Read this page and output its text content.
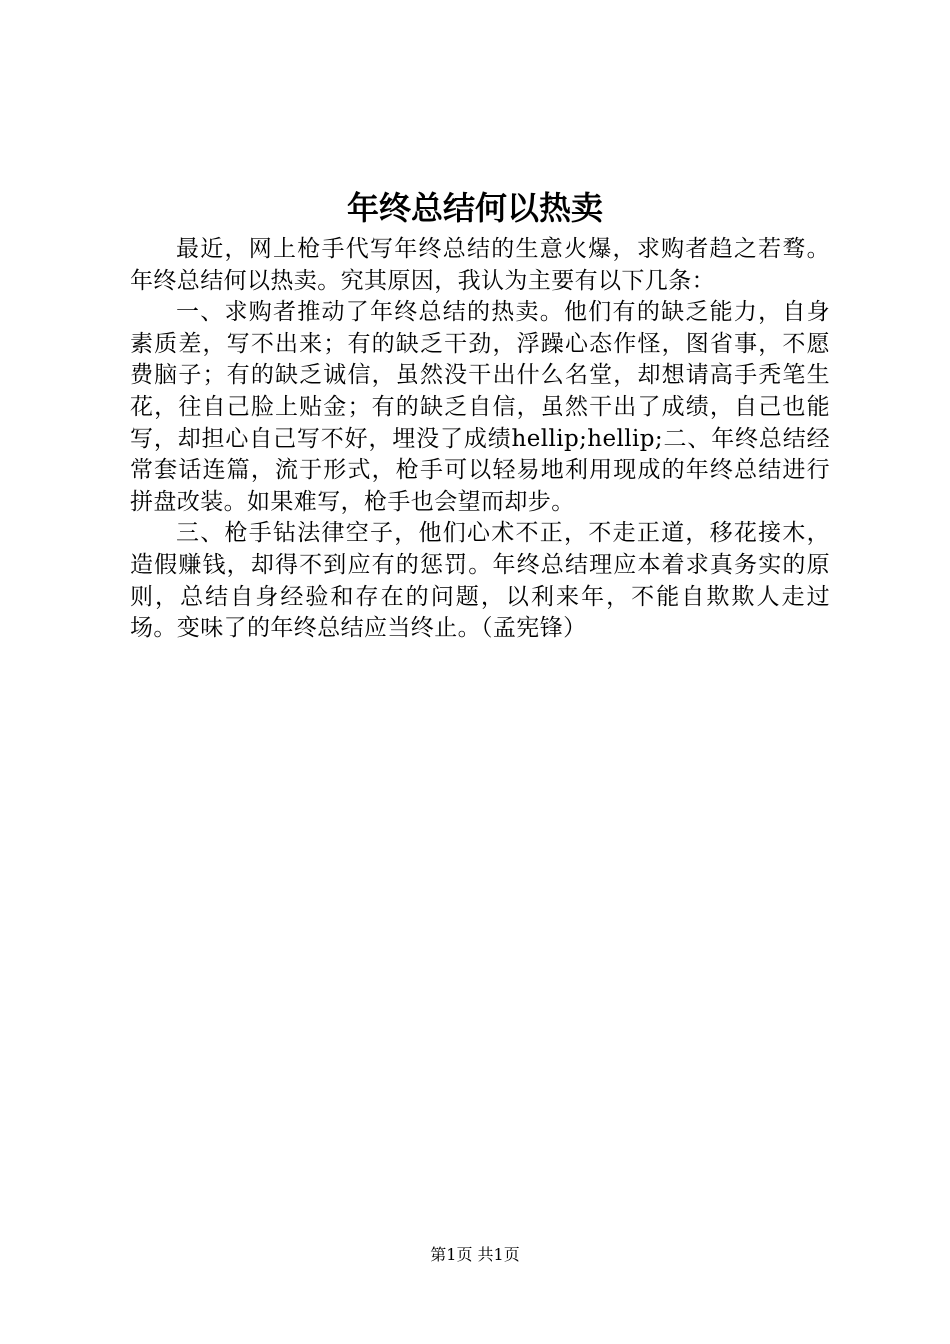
年终总结何以热卖

最近，网上枪手代写年终总结的生意火爆，求购者趋之若骛。年终总结何以热卖。究其原因，我认为主要有以下几条：

一、求购者推动了年终总结的热卖。他们有的缺乏能力，自身素质差，写不出来；有的缺乏干劲，浮躁心态作怪，图省事，不愿费脑子；有的缺乏诚信，虽然没干出什么名堂，却想请高手秃笔生花，往自己脸上贴金；有的缺乏自信，虽然干出了成绩，自己也能写，却担心自己写不好，埋没了成绩hellip;hellip;二、年终总结经常套话连篇，流于形式，枪手可以轻易地利用现成的年终总结进行拼盘改装。如果难写，枪手也会望而却步。

三、枪手钻法律空子，他们心术不正，不走正道，移花接木，造假赚钱，却得不到应有的惩罚。年终总结理应本着求真务实的原则，总结自身经验和存在的问题，以利来年，不能自欺欺人走过场。变味了的年终总结应当终止。（孟宪锋）

第1页 共1页
